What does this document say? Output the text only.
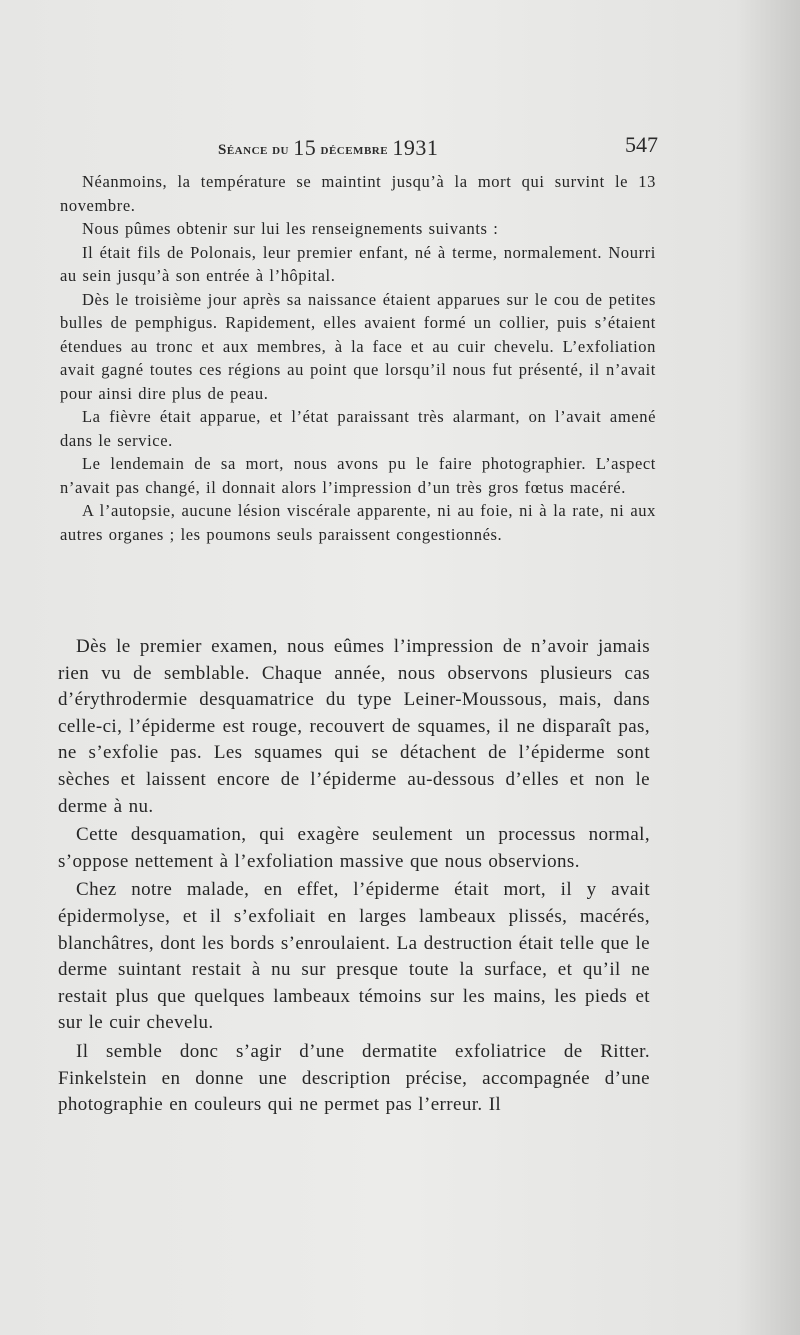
Séance du 15 décembre 1931	547

Néanmoins, la température se maintint jusqu’à la mort qui survint le 13 novembre.

Nous pûmes obtenir sur lui les renseignements suivants :

Il était fils de Polonais, leur premier enfant, né à terme, normalement. Nourri au sein jusqu’à son entrée à l’hôpital.

Dès le troisième jour après sa naissance étaient apparues sur le cou de petites bulles de pemphigus. Rapidement, elles avaient formé un collier, puis s’étaient étendues au tronc et aux membres, à la face et au cuir chevelu. L’exfoliation avait gagné toutes ces régions au point que lorsqu’il nous fut présenté, il n’avait pour ainsi dire plus de peau.

La fièvre était apparue, et l’état paraissant très alarmant, on l’avait amené dans le service.

Le lendemain de sa mort, nous avons pu le faire photographier. L’aspect n’avait pas changé, il donnait alors l’impression d’un très gros fœtus macéré.

A l’autopsie, aucune lésion viscérale apparente, ni au foie, ni à la rate, ni aux autres organes ; les poumons seuls paraissent congestionnés.

Dès le premier examen, nous eûmes l’impression de n’avoir jamais rien vu de semblable. Chaque année, nous observons plusieurs cas d’érythrodermie desquamatrice du type Leiner-Moussous, mais, dans celle-ci, l’épiderme est rouge, recouvert de squames, il ne disparaît pas, ne s’exfolie pas. Les squames qui se détachent de l’épiderme sont sèches et laissent encore de l’épiderme au-dessous d’elles et non le derme à nu.

Cette desquamation, qui exagère seulement un processus normal, s’oppose nettement à l’exfoliation massive que nous observions.

Chez notre malade, en effet, l’épiderme était mort, il y avait épidermolyse, et il s’exfoliait en larges lambeaux plissés, macérés, blanchâtres, dont les bords s’enroulaient. La destruction était telle que le derme suintant restait à nu sur presque toute la surface, et qu’il ne restait plus que quelques lambeaux témoins sur les mains, les pieds et sur le cuir chevelu.

Il semble donc s’agir d’une dermatite exfoliatrice de Ritter. Finkelstein en donne une description précise, accompagnée d’une photographie en couleurs qui ne permet pas l’erreur. Il
